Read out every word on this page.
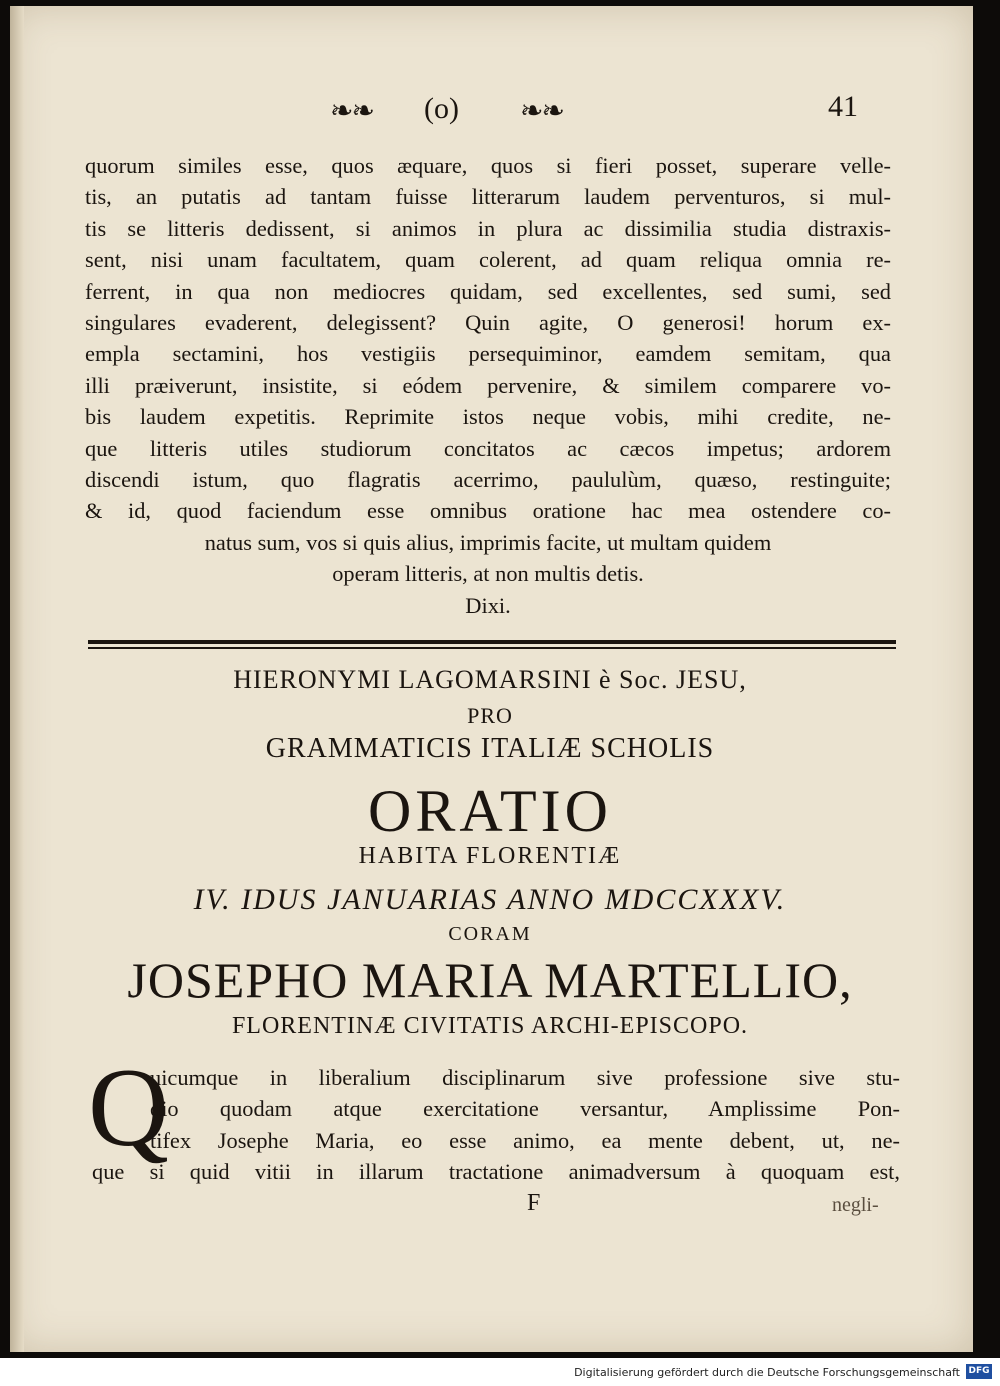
❧❧ (o) ❧❧	41
quorum similes esse, quos æquare, quos si fieri posset, superare velle-
tis, an putatis ad tantam fuisse litterarum laudem perventuros, si mul-
tis se litteris dedissent, si animos in plura ac dissimilia studia distraxis-
sent, nisi unam facultatem, quam colerent, ad quam reliqua omnia re-
ferrent, in qua non mediocres quidam, sed excellentes, sed sumi, sed
singulares evaderent, delegissent? Quin agite, O generosi! horum ex-
empla sectamini, hos vestigiis persequiminor, eamdem semitam, qua
illi præiverunt, insistite, si eódem pervenire, & similem comparere vo-
bis laudem expetitis. Reprimite istos neque vobis, mihi credite, ne-
que litteris utiles studiorum concitatos ac cæcos impetus; ardorem
discendi istum, quo flagratis acerrimo, paululùm, quæso, restinguite;
& id, quod faciendum esse omnibus oratione hac mea ostendere co-
natus sum, vos si quis alius, imprimis facite, ut multam quidem
operam litteris, at non multis detis.
Dixi.

HIERONYMI LAGOMARSINI è Soc. JESU,

PRO

GRAMMATICIS ITALIÆ SCHOLIS

ORATIO

HABITA FLORENTIÆ

IV. IDUS JANUARIAS ANNO MDCCXXXV.

CORAM

JOSEPHO MARIA MARTELLIO,

FLORENTINÆ CIVITATIS ARCHI-EPISCOPO.

Q
uicumque in liberalium disciplinarum sive professione sive stu-
dio quodam atque exercitatione versantur, Amplissime Pon-
tifex Josephe Maria, eo esse animo, ea mente debent, ut, ne-
que si quid vitii in illarum tractatione animadversum à quoquam est,
F	negli-
Digitalisierung gefördert durch die Deutsche Forschungsgemeinschaft DFG
